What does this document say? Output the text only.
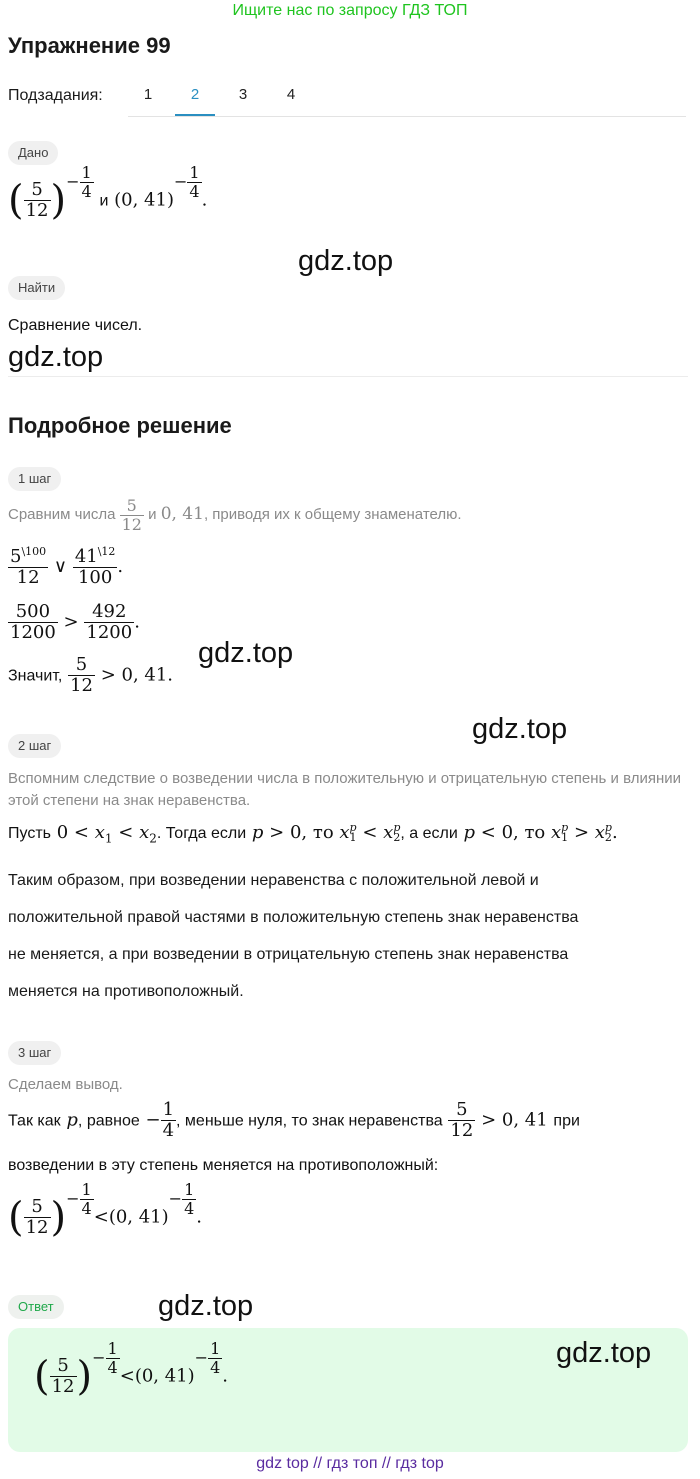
Ищите нас по запросу ГДЗ ТОП
Упражнение 99
Подзадания:	1	2	3	4
Дано
( $\frac{5}{12} )^{- \frac{1}{4}}$
и (0, 41)$^{- \frac{1}{4}}$ .
gdz.top
Найти
Сравнение чисел.
gdz.top
Подробное решение
1 шаг
Сравним числа $\frac{5}{12}$ и 0, 41, приводя их к общему знаменателю.
$\frac{5^{\backslash 100}}{12}$ ∨ $\frac{41^{\backslash 12}}{100}$ .
$\frac{500}{1200} > \frac{492}{1200}$ .
gdz.top
Значит, $\frac{5}{12} > 0$, 41.
gdz.top
2 шаг
Вспомним следствие о возведении числа в положительную и отрицательную степень и влиянии этой степени на знак неравенства.
Пусть $0 < x_1 < x_2$. Тогда если p > 0, то x p
1 < x p
2 , а если p < 0, то x p
1 > x p
2 .
Таким образом, при возведении неравенства с положительной левой и
положительной правой частями в положительную степень знак неравенства
не меняется, а при возведении в отрицательную степень знак неравенства
меняется на противоположный.
3 шаг
Сделаем вывод.
Так как p, равное − $\frac{1}{4}$ , меньше нуля, то знак неравенства $\frac{5}{12} > 0$, 41 при
возведении в эту степень меняется на противоположный:
( $\frac{5}{12} )^{- \frac{1}{4}} <(0$, 41)$^{- \frac{1}{4}}$ .
Ответ	gdz.top
gdz.top
( $\frac{5}{12} )^{- \frac{1}{4}} <(0$, 41)$^{- \frac{1}{4}}$ .
gdz top // гдз топ // гдз top
